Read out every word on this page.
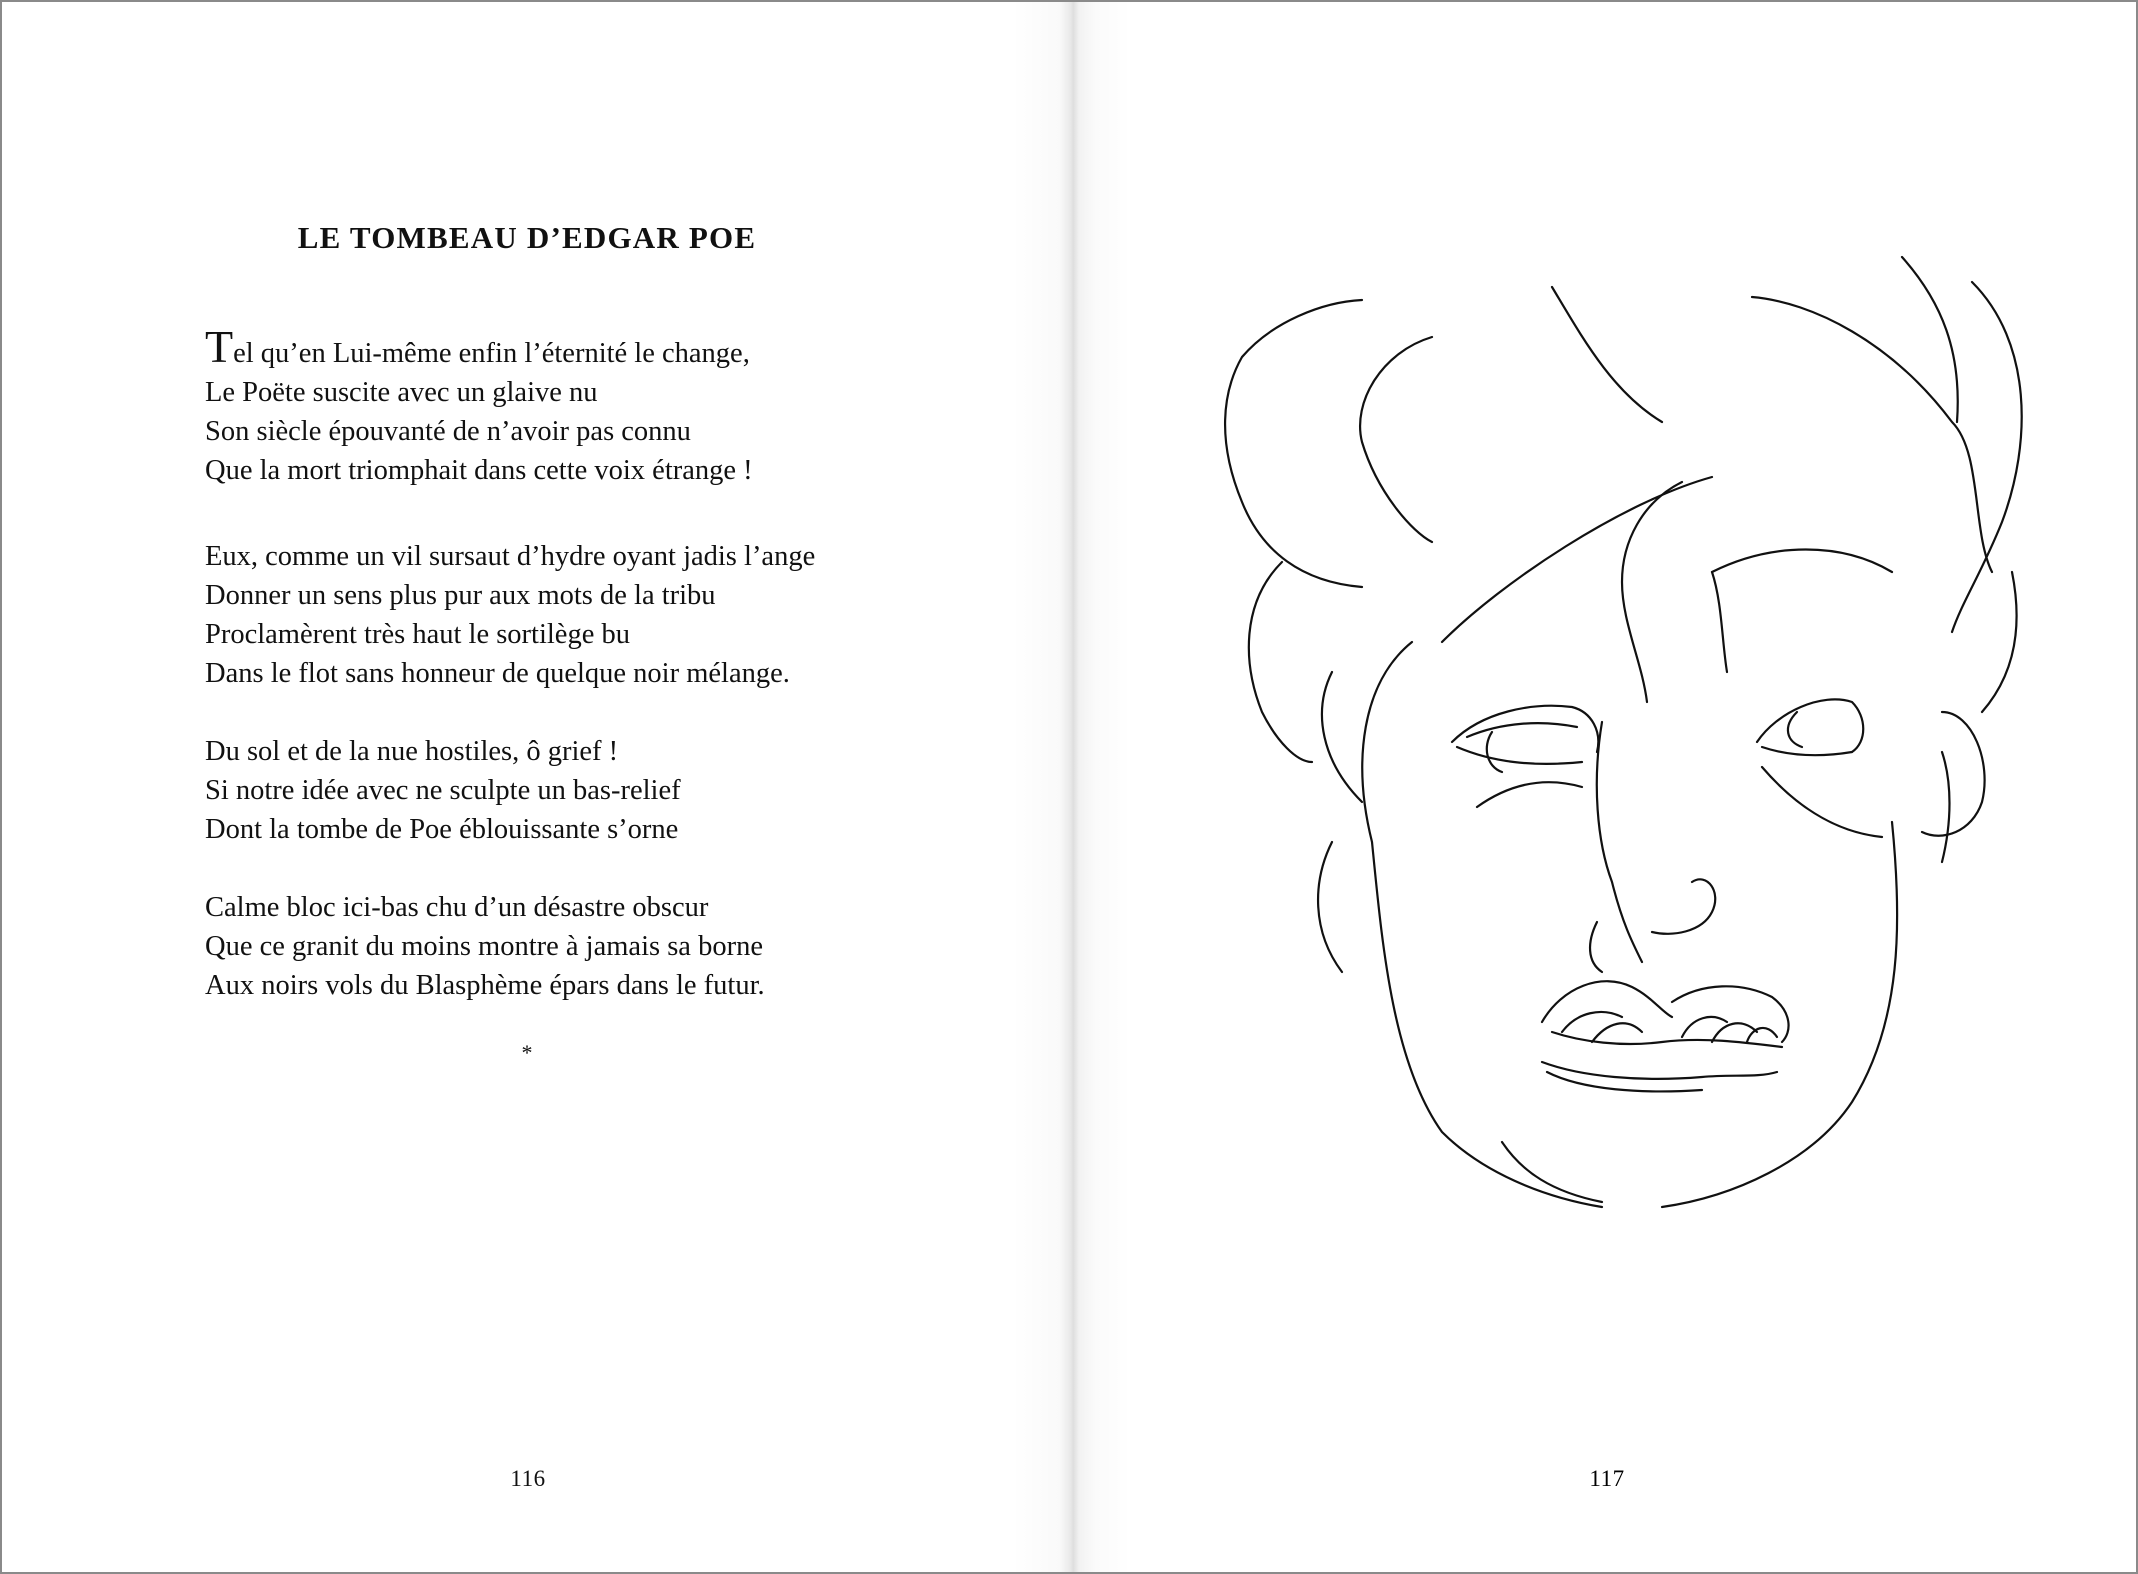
LE TOMBEAU D’EDGAR POE

Tel qu’en Lui-même enfin l’éternité le change,
Le Poëte suscite avec un glaive nu
Son siècle épouvanté de n’avoir pas connu
Que la mort triomphait dans cette voix étrange !

Eux, comme un vil sursaut d’hydre oyant jadis l’ange
Donner un sens plus pur aux mots de la tribu
Proclamèrent très haut le sortilège bu
Dans le flot sans honneur de quelque noir mélange.

Du sol et de la nue hostiles, ô grief !
Si notre idée avec ne sculpte un bas-relief
Dont la tombe de Poe éblouissante s’orne

Calme bloc ici-bas chu d’un désastre obscur
Que ce granit du moins montre à jamais sa borne
Aux noirs vols du Blasphème épars dans le futur.

*
116	117
